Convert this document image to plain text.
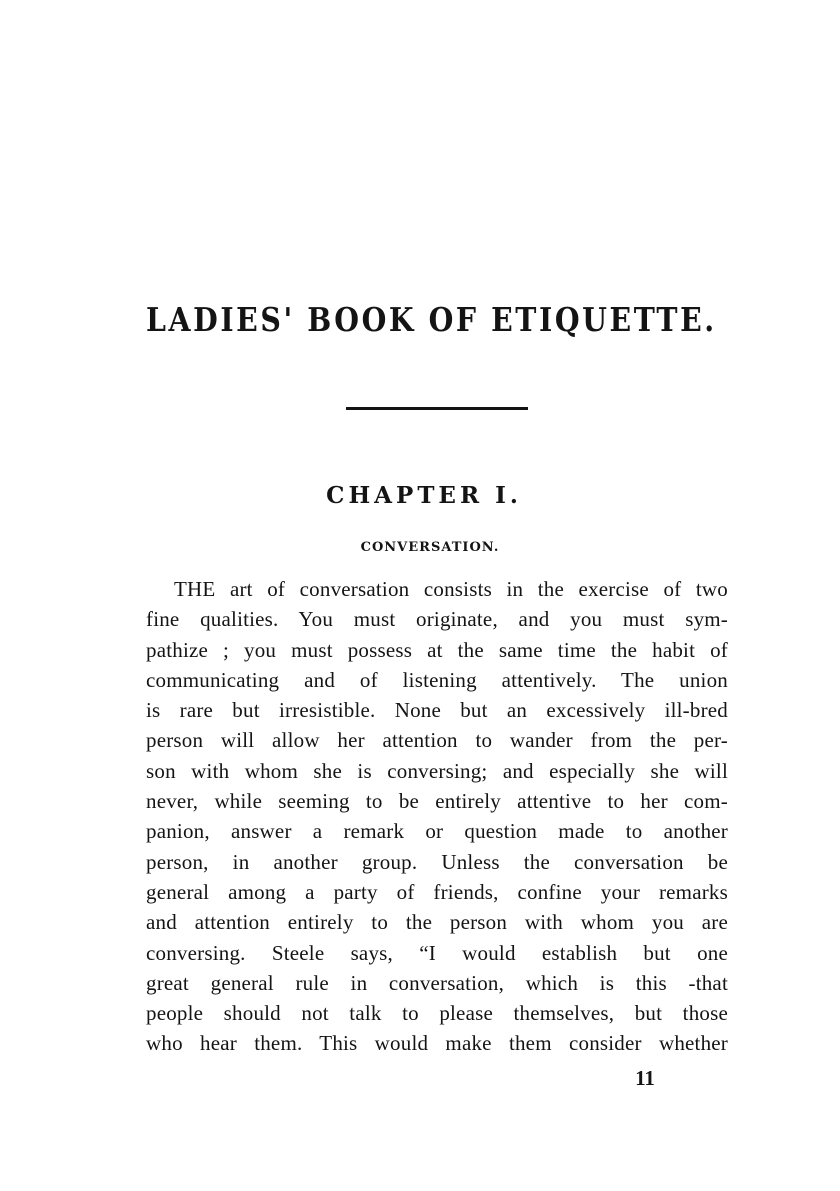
LADIES' BOOK OF ETIQUETTE.
CHAPTER I.
CONVERSATION.
THE art of conversation consists in the exercise of two
fine qualities. You must originate, and you must sym-
pathize ; you must possess at the same time the habit of
communicating and of listening attentively. The union
is rare but irresistible. None but an excessively ill-bred
person will allow her attention to wander from the per-
son with whom she is conversing; and especially she will
never, while seeming to be entirely attentive to her com-
panion, answer a remark or question made to another
person, in another group. Unless the conversation be
general among a party of friends, confine your remarks
and attention entirely to the person with whom you are
conversing. Steele says, “I would establish but one
great general rule in conversation, which is this -that
people should not talk to please themselves, but those
who hear them. This would make them consider whether
11
